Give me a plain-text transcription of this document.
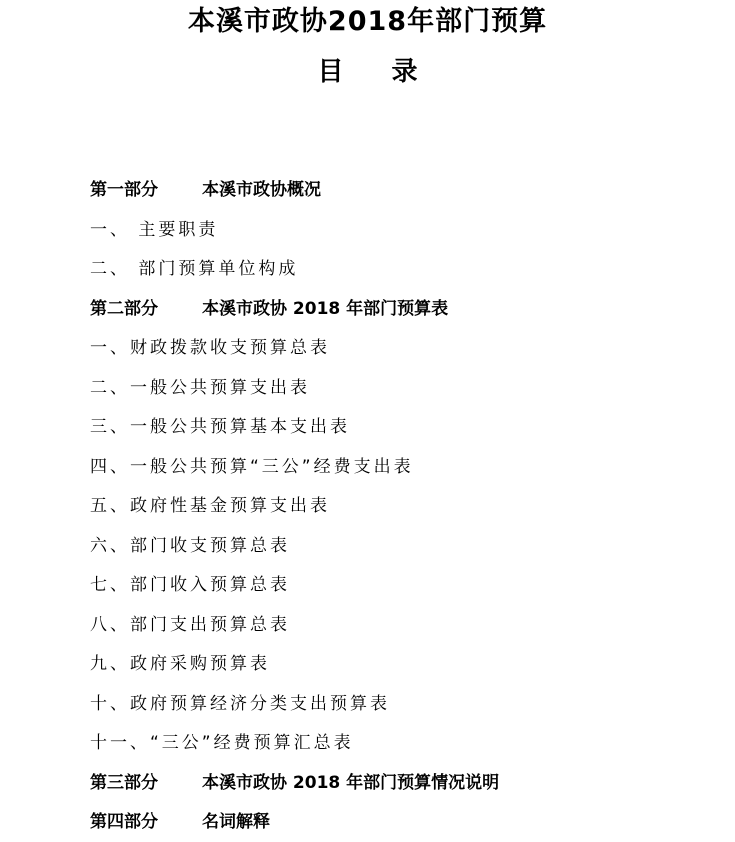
本溪市政协2018年部门预算
目录
第一部分	本溪市政协概况
一、 主要职责
二、 部门预算单位构成
第二部分	本溪市政协 2018 年部门预算表
一、财政拨款收支预算总表
二、一般公共预算支出表
三、一般公共预算基本支出表
四、一般公共预算“三公”经费支出表
五、政府性基金预算支出表
六、部门收支预算总表
七、部门收入预算总表
八、部门支出预算总表
九、政府采购预算表
十、政府预算经济分类支出预算表
十一、“三公”经费预算汇总表
第三部分	本溪市政协 2018 年部门预算情况说明
第四部分	名词解释
